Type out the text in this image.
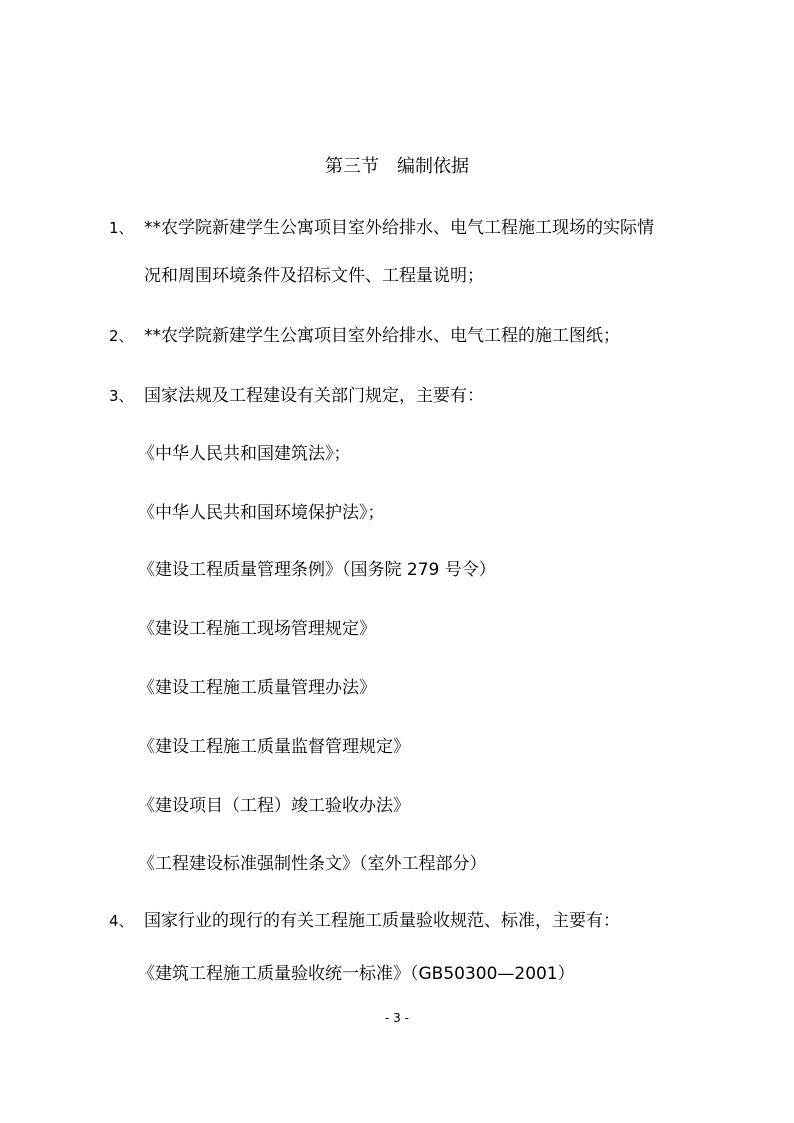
第三节　编制依据
1、 **农学院新建学生公寓项目室外给排水、电气工程施工现场的实际情
况和周围环境条件及招标文件、工程量说明；
2、 **农学院新建学生公寓项目室外给排水、电气工程的施工图纸；
3、 国家法规及工程建设有关部门规定，主要有：
《中华人民共和国建筑法》；
《中华人民共和国环境保护法》；
《建设工程质量管理条例》（国务院 279 号令）
《建设工程施工现场管理规定》
《建设工程施工质量管理办法》
《建设工程施工质量监督管理规定》
《建设项目（工程）竣工验收办法》
《工程建设标准强制性条文》（室外工程部分）
4、 国家行业的现行的有关工程施工质量验收规范、标准，主要有：
《建筑工程施工质量验收统一标准》（GB50300—2001）
- 3 -
